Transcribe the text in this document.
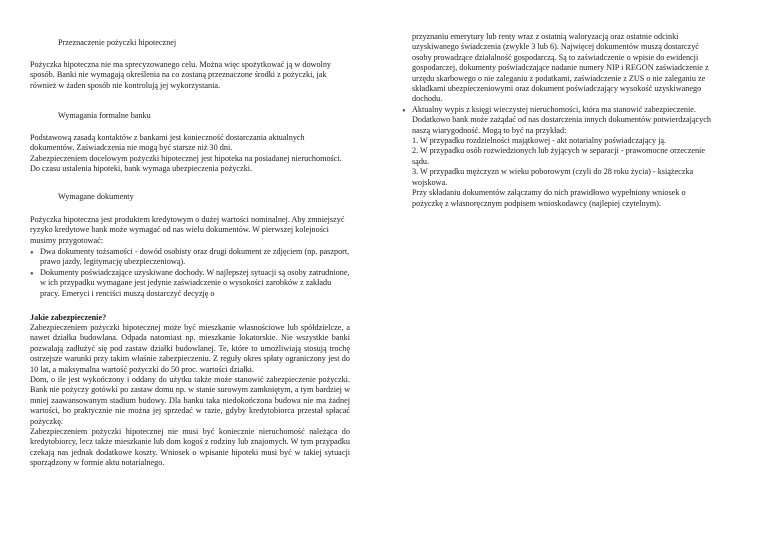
Przeznaczenie pożyczki hipotecznej

Pożyczka hipoteczna nie ma sprecyzowanego celu. Można więc spożytkować ją w dowolny sposób. Banki nie wymagają określenia na co zostaną przeznaczone środki z pożyczki, jak również w żaden sposób nie kontrolują jej wykorzystania.

Wymagania formalne banku

Podstawową zasadą kontaktów z bankami jest konieczność dostarczania aktualnych dokumentów. Zaświadczenia nie mogą być starsze niż 30 dni.

Zabezpieczeniem docelowym pożyczki hipotecznej jest hipoteka na posiadanej nieruchomości. Do czasu ustalenia hipoteki, bank wymaga ubezpieczenia pożyczki.

Wymagane dokumenty

Pożyczka hipoteczna jest produktem kredytowym o dużej wartości nominalnej. Aby zmniejszyć ryzyko kredytowe bank może wymagać od nas wielu dokumentów. W pierwszej kolejności musimy przygotować:

● Dwa dokumenty tożsamości - dowód osobisty oraz drugi dokument ze zdjęciem (np. paszport, prawo jazdy, legitymację ubezpieczeniową).
● Dokumenty poświadczające uzyskiwane dochody. W najlepszej sytuacji są osoby zatrudnione, w ich przypadku wymagane jest jedynie zaświadczenie o wysokości zarobków z zakładu pracy. Emeryci i renciści muszą dostarczyć decyzję o

Jakie zabezpieczenie?

Zabezpieczeniem pożyczki hipotecznej może być mieszkanie własnościowe lub spółdzielcze, a nawet działka budowlana. Odpada natomiast np. mieszkanie lokatorskie. Nie wszystkie banki pozwalają zadłużyć się pod zastaw działki budowlanej. Te, które to umożliwiają stosują trochę ostrzejsze warunki przy takim właśnie zabezpieczeniu. Z reguły okres spłaty ograniczony jest do 10 lat, a maksymalna wartość pożyczki do 50 proc. wartości działki.

Dom, o ile jest wykończony i oddany do użytku także może stanowić zabezpieczenie pożyczki. Bank nie pożyczy gotówki po zastaw domu np. w stanie surowym zamkniętym, a tym bardziej w mniej zaawansowanym stadium budowy. Dla banku taka niedokończona budowa nie ma żadnej wartości, bo praktycznie nie można jej sprzedać w razie, gdyby kredytobiorca przestał spłacać pożyczkę.

Zabezpieczeniem pożyczki hipotecznej nie musi być koniecznie nieruchomość należąca do kredytobiorcy, lecz także mieszkanie lub dom kogoś z rodziny lub znajomych. W tym przypadku czekają nas jednak dodatkowe koszty. Wniosek o wpisanie hipoteki musi być w takiej sytuacji sporządzony w formie aktu notarialnego.

przyznaniu emerytury lub renty wraz z ostatnią waloryzacją oraz ostatnie odcinki uzyskiwanego świadczenia (zwykle 3 lub 6). Najwięcej dokumentów muszą dostarczyć osoby prowadzące działalność gospodarczą. Są to zaświadczenie o wpisie do ewidencji gospodarczej, dokumenty poświadczające nadanie numery NIP i REGON zaświadczenie z urzędu skarbowego o nie zaleganiu z podatkami, zaświadczenie z ZUS o nie zaleganiu ze składkami ubezpieczeniowymi oraz dokument poświadczający wysokość uzyskiwanego dochodu.

● Aktualny wypis z księgi wieczystej nieruchomości, która ma stanowić zabezpieczenie.

Dodatkowo bank może zażądać od nas dostarczenia innych dokumentów potwierdzających naszą wiarygodność. Mogą to być na przykład:

1. W przypadku rozdzielności majątkowej - akt notarialny poświadczający ją.

2. W przypadku osób rozwiedzionych lub żyjących w separacji - prawomocne orzeczenie sądu.

3. W przypadku mężczyzn w wieku poborowym (czyli do 28 roku życia) - książeczka wojskowa.

Przy składaniu dokumentów załączamy do nich prawidłowo wypełniony wniosek o pożyczkę z własnoręcznym podpisem wnioskodawcy (najlepiej czytelnym).
